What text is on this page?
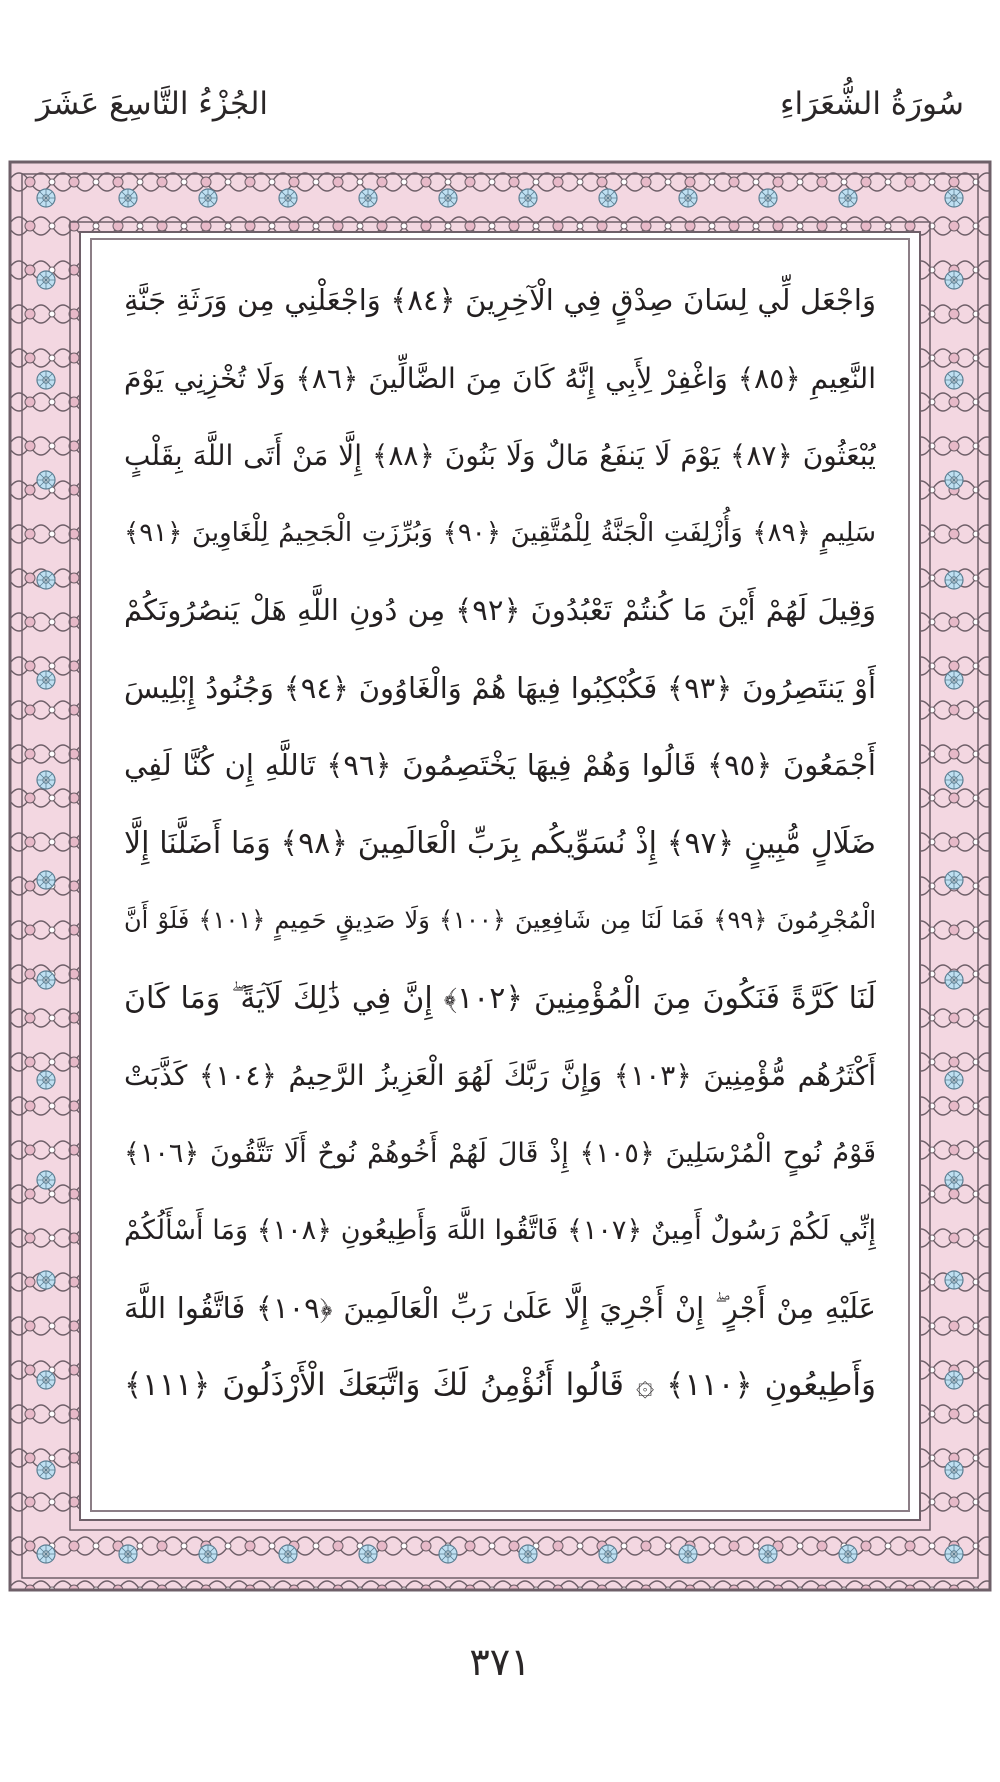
سُورَةُ الشُّعَرَاءِ
الجُزْءُ التَّاسِعَ عَشَرَ
وَاجْعَل لِّي لِسَانَ صِدْقٍ فِي الْآخِرِينَ ﴿٨٤﴾ وَاجْعَلْنِي مِن وَرَثَةِ جَنَّةِ
النَّعِيمِ ﴿٨٥﴾ وَاغْفِرْ لِأَبِي إِنَّهُ كَانَ مِنَ الضَّالِّينَ ﴿٨٦﴾ وَلَا تُخْزِنِي يَوْمَ
يُبْعَثُونَ ﴿٨٧﴾ يَوْمَ لَا يَنفَعُ مَالٌ وَلَا بَنُونَ ﴿٨٨﴾ إِلَّا مَنْ أَتَى اللَّهَ بِقَلْبٍ
سَلِيمٍ ﴿٨٩﴾ وَأُزْلِفَتِ الْجَنَّةُ لِلْمُتَّقِينَ ﴿٩٠﴾ وَبُرِّزَتِ الْجَحِيمُ لِلْغَاوِينَ ﴿٩١﴾
وَقِيلَ لَهُمْ أَيْنَ مَا كُنتُمْ تَعْبُدُونَ ﴿٩٢﴾ مِن دُونِ اللَّهِ هَلْ يَنصُرُونَكُمْ
أَوْ يَنتَصِرُونَ ﴿٩٣﴾ فَكُبْكِبُوا فِيهَا هُمْ وَالْغَاوُونَ ﴿٩٤﴾ وَجُنُودُ إِبْلِيسَ
أَجْمَعُونَ ﴿٩٥﴾ قَالُوا وَهُمْ فِيهَا يَخْتَصِمُونَ ﴿٩٦﴾ تَاللَّهِ إِن كُنَّا لَفِي
ضَلَالٍ مُّبِينٍ ﴿٩٧﴾ إِذْ نُسَوِّيكُم بِرَبِّ الْعَالَمِينَ ﴿٩٨﴾ وَمَا أَضَلَّنَا إِلَّا
الْمُجْرِمُونَ ﴿٩٩﴾ فَمَا لَنَا مِن شَافِعِينَ ﴿١٠٠﴾ وَلَا صَدِيقٍ حَمِيمٍ ﴿١٠١﴾ فَلَوْ أَنَّ
لَنَا كَرَّةً فَنَكُونَ مِنَ الْمُؤْمِنِينَ ﴿١٠٢﴾ إِنَّ فِي ذَٰلِكَ لَآيَةً ۖ وَمَا كَانَ
أَكْثَرُهُم مُّؤْمِنِينَ ﴿١٠٣﴾ وَإِنَّ رَبَّكَ لَهُوَ الْعَزِيزُ الرَّحِيمُ ﴿١٠٤﴾ كَذَّبَتْ
قَوْمُ نُوحٍ الْمُرْسَلِينَ ﴿١٠٥﴾ إِذْ قَالَ لَهُمْ أَخُوهُمْ نُوحٌ أَلَا تَتَّقُونَ ﴿١٠٦﴾
إِنِّي لَكُمْ رَسُولٌ أَمِينٌ ﴿١٠٧﴾ فَاتَّقُوا اللَّهَ وَأَطِيعُونِ ﴿١٠٨﴾ وَمَا أَسْأَلُكُمْ
عَلَيْهِ مِنْ أَجْرٍ ۖ إِنْ أَجْرِيَ إِلَّا عَلَىٰ رَبِّ الْعَالَمِينَ ﴿١٠٩﴾ فَاتَّقُوا اللَّهَ
وَأَطِيعُونِ ﴿١١٠﴾ ۞ قَالُوا أَنُؤْمِنُ لَكَ وَاتَّبَعَكَ الْأَرْذَلُونَ ﴿١١١﴾
٣٧١
